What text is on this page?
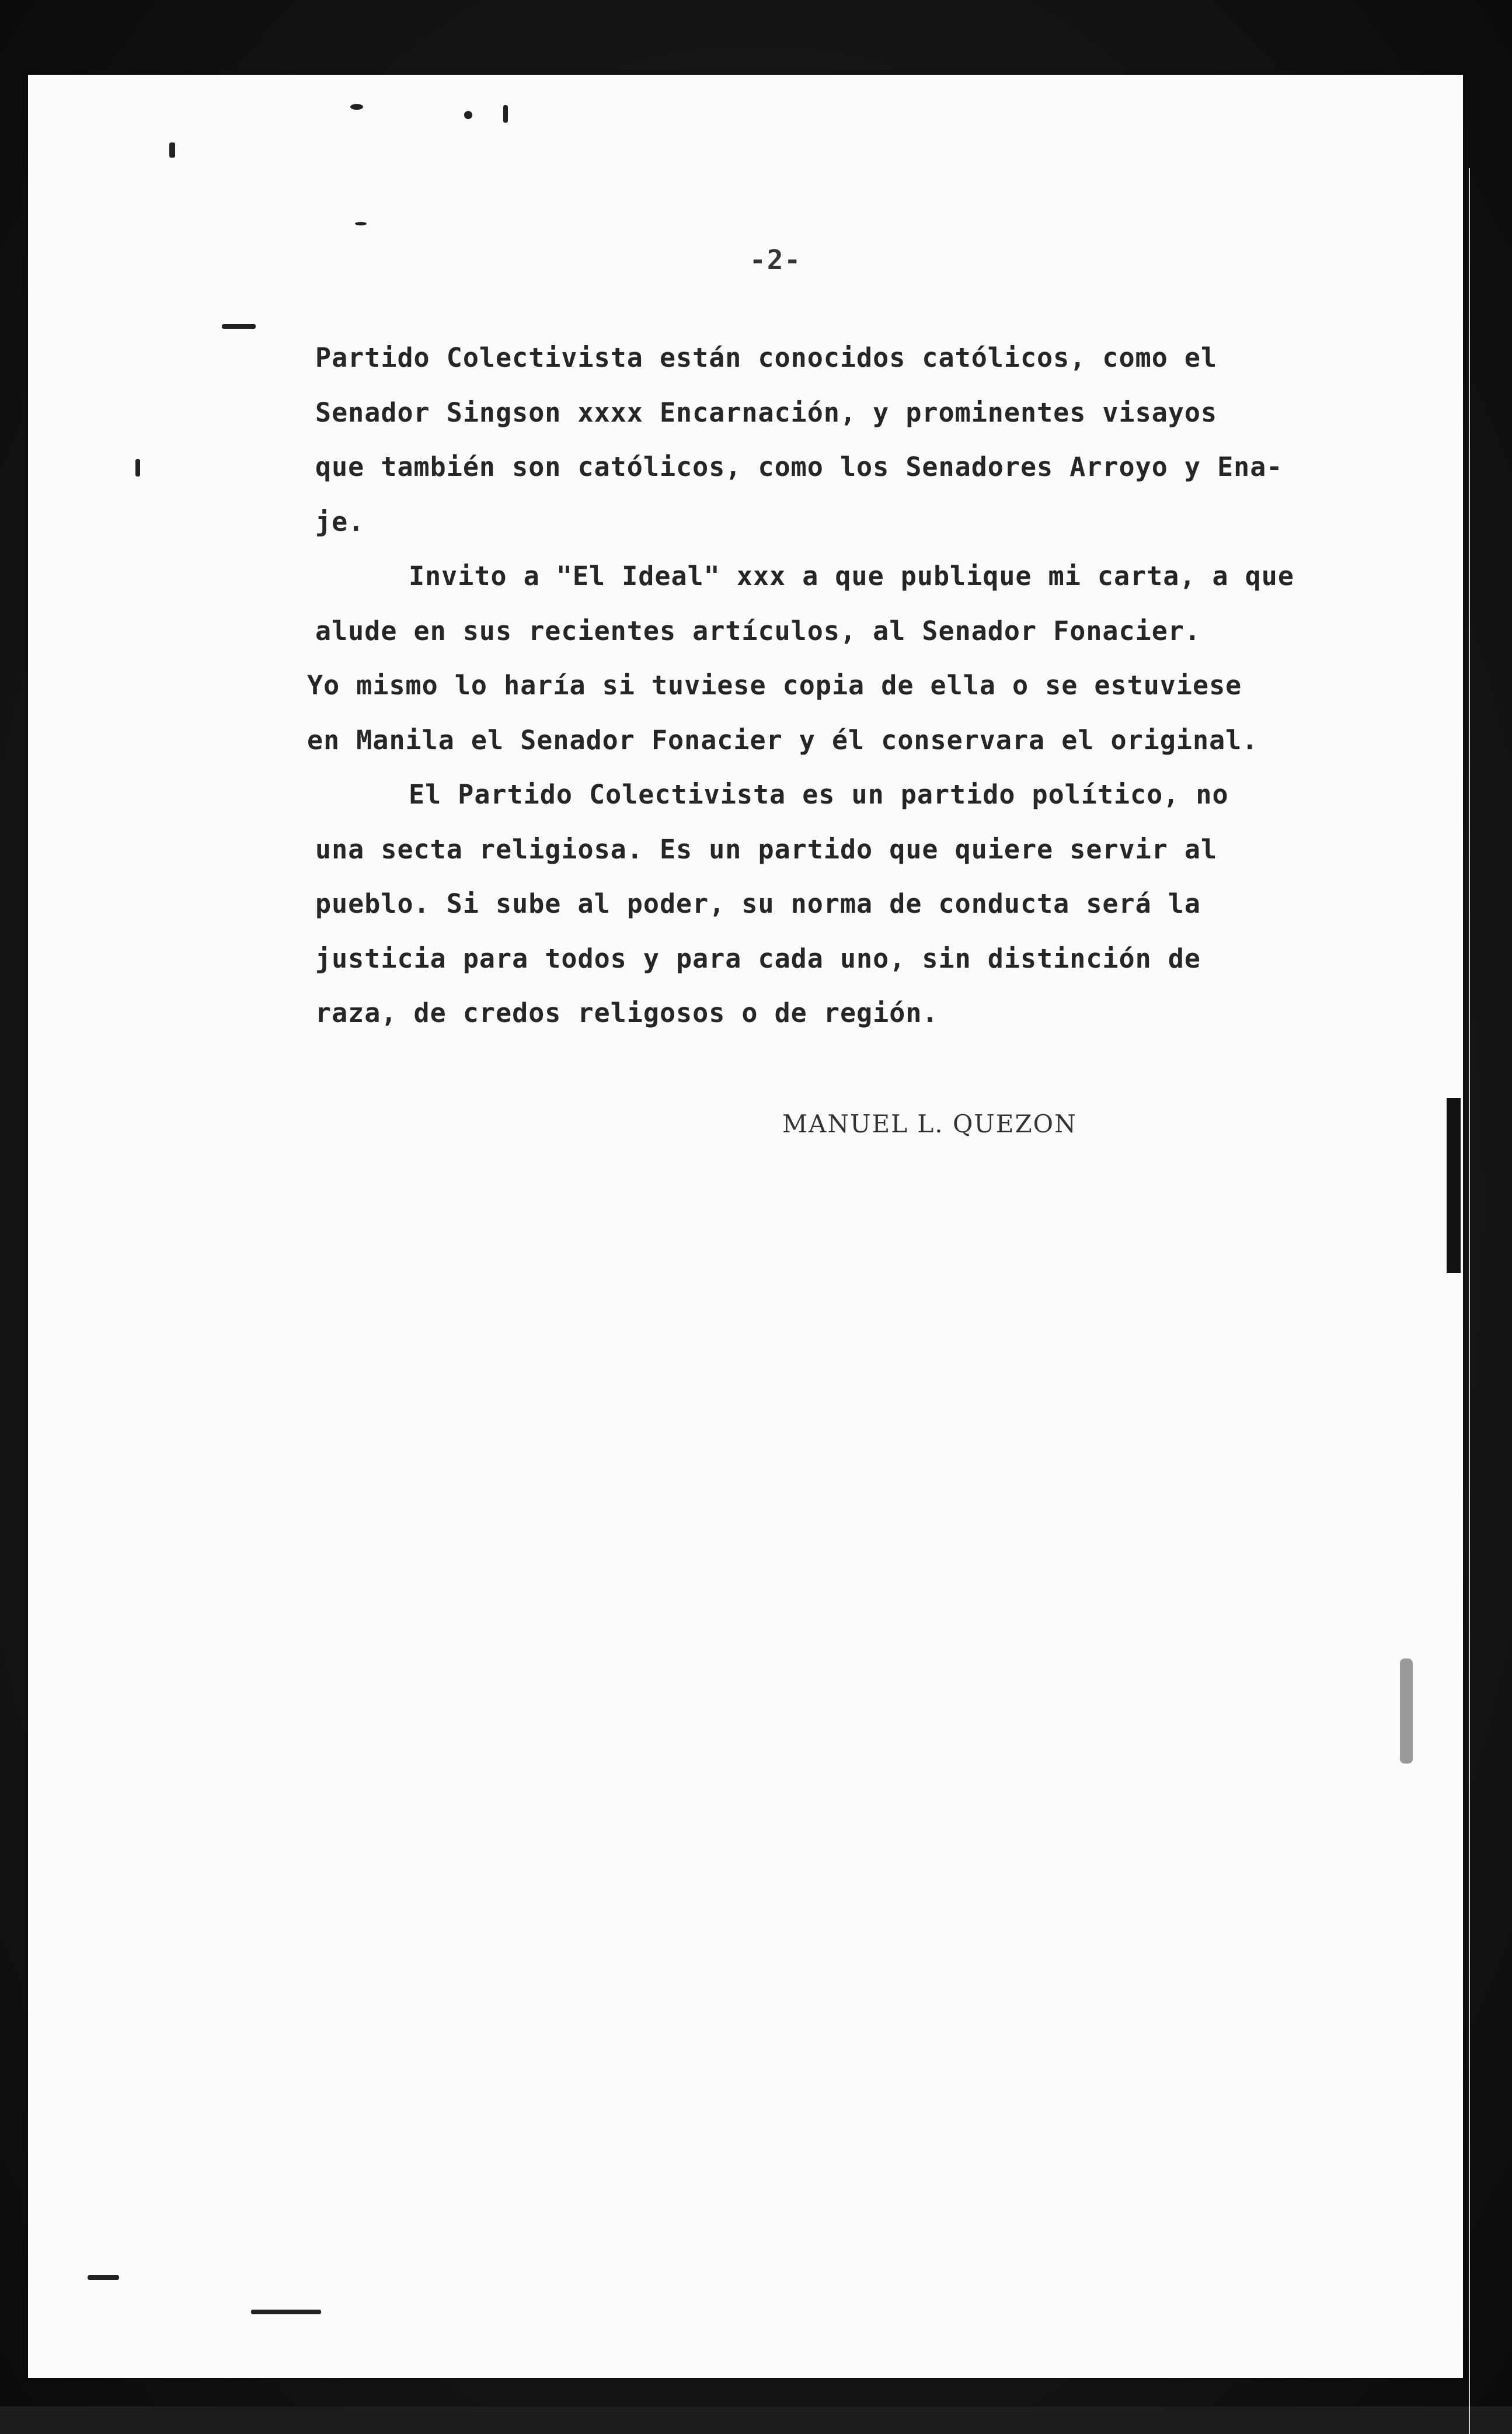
-2-
Partido Colectivista están conocidos católicos, como el
Senador Singson xxxx Encarnación, y prominentes visayos
que también son católicos, como los Senadores Arroyo y Ena-
je.
Invito a "El Ideal" xxx a que publique mi carta, a que
alude en sus recientes artículos, al Senador Fonacier.
Yo mismo lo haría si tuviese copia de ella o se estuviese
en Manila el Senador Fonacier y él conservara el original.
El Partido Colectivista es un partido político, no
una secta religiosa. Es un partido que quiere servir al
pueblo. Si sube al poder, su norma de conducta será la
justicia para todos y para cada uno, sin distinción de
raza, de credos religosos o de región.
MANUEL L. QUEZON
